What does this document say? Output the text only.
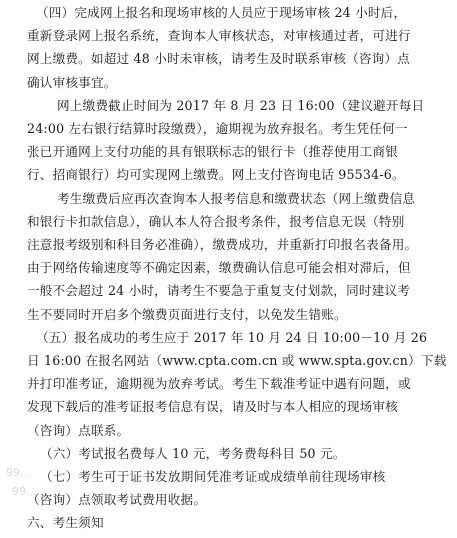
（四）完成网上报名和现场审核的人员应于现场审核 24 小时后，
重新登录网上报名系统，查询本人审核状态，对审核通过者，可进行
网上缴费。如超过 48 小时未审核，请考生及时联系审核（咨询）点
确认审核事宜。
网上缴费截止时间为 2017 年 8 月 23 日 16:00（建议避开每日
24:00 左右银行结算时段缴费），逾期视为放弃报名。考生凭任何一
张已开通网上支付功能的具有银联标志的银行卡（推荐使用工商银
行、招商银行）均可实现网上缴费。网上支付咨询电话 95534-6。
考生缴费后应再次查询本人报考信息和缴费状态（网上缴费信息
和银行卡扣款信息），确认本人符合报考条件，报考信息无误（特别
注意报考级别和科目务必准确），缴费成功，并重新打印报名表备用。
由于网络传输速度等不确定因素，缴费确认信息可能会相对滞后，但
一般不会超过 24 小时，请考生不要急于重复支付划款，同时建议考
生不要同时开启多个缴费页面进行支付，以免发生错账。
（五）报名成功的考生应于 2017 年 10 月 24 日 10:00－10 月 26
日 16:00 在报名网站（www.cpta.com.cn 或 www.spta.gov.cn）下载
并打印准考证，逾期视为放弃考试。考生下载准考证中遇有问题，或
发现下载后的准考证报考信息有误，请及时与本人相应的现场审核
（咨询）点联系。
（六）考试报名费每人 10 元，考务费每科目 50 元。
（七）考生可于证书发放期间凭准考证或成绩单前往现场审核
（咨询）点领取考试费用收据。
六、考生须知
99...
99...
